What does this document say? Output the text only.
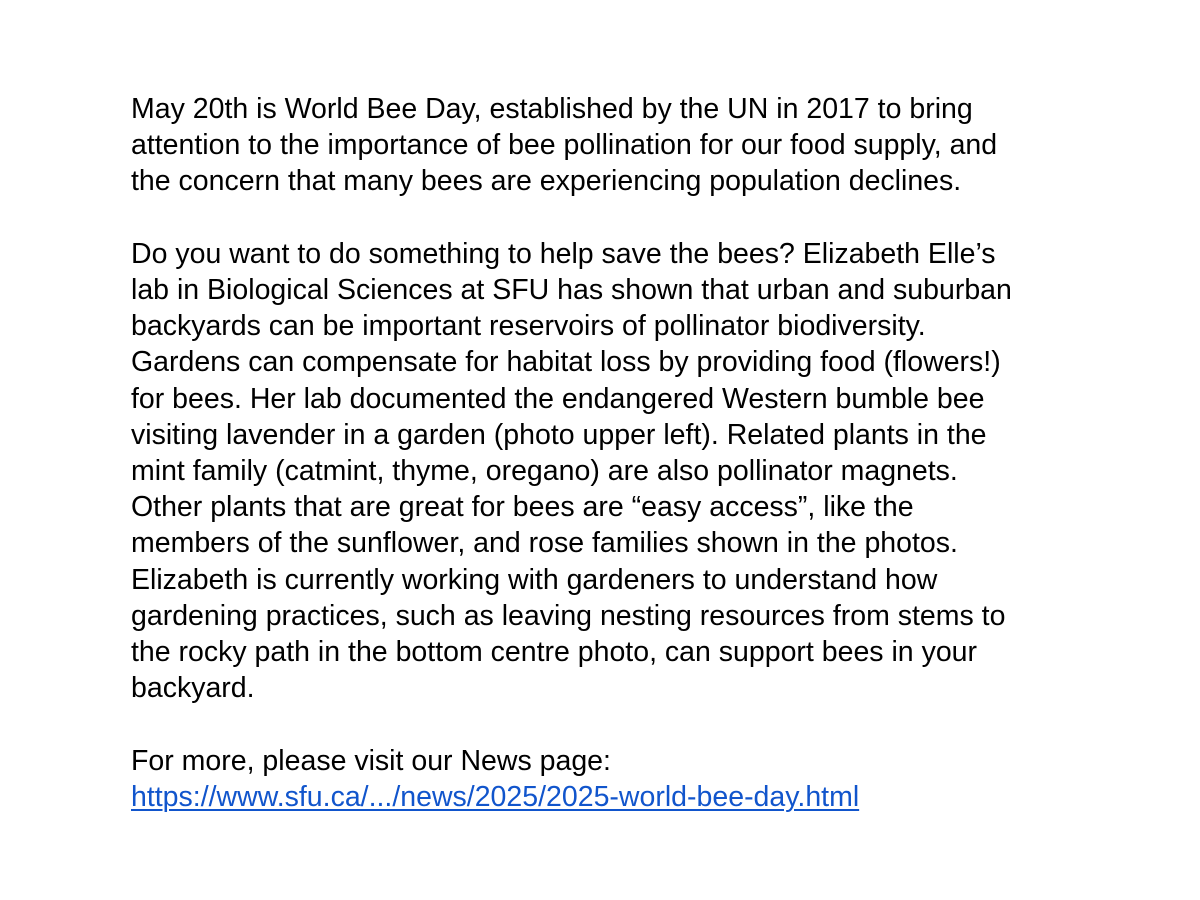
May 20th is World Bee Day, established by the UN in 2017 to bring
attention to the importance of bee pollination for our food supply, and
the concern that many bees are experiencing population declines.

Do you want to do something to help save the bees? Elizabeth Elle’s
lab in Biological Sciences at SFU has shown that urban and suburban
backyards can be important reservoirs of pollinator biodiversity.
Gardens can compensate for habitat loss by providing food (flowers!)
for bees. Her lab documented the endangered Western bumble bee
visiting lavender in a garden (photo upper left). Related plants in the
mint family (catmint, thyme, oregano) are also pollinator magnets.
Other plants that are great for bees are “easy access”, like the
members of the sunflower, and rose families shown in the photos.
Elizabeth is currently working with gardeners to understand how
gardening practices, such as leaving nesting resources from stems to
the rocky path in the bottom centre photo, can support bees in your
backyard.

For more, please visit our News page:
https://www.sfu.ca/.../news/2025/2025-world-bee-day.html
